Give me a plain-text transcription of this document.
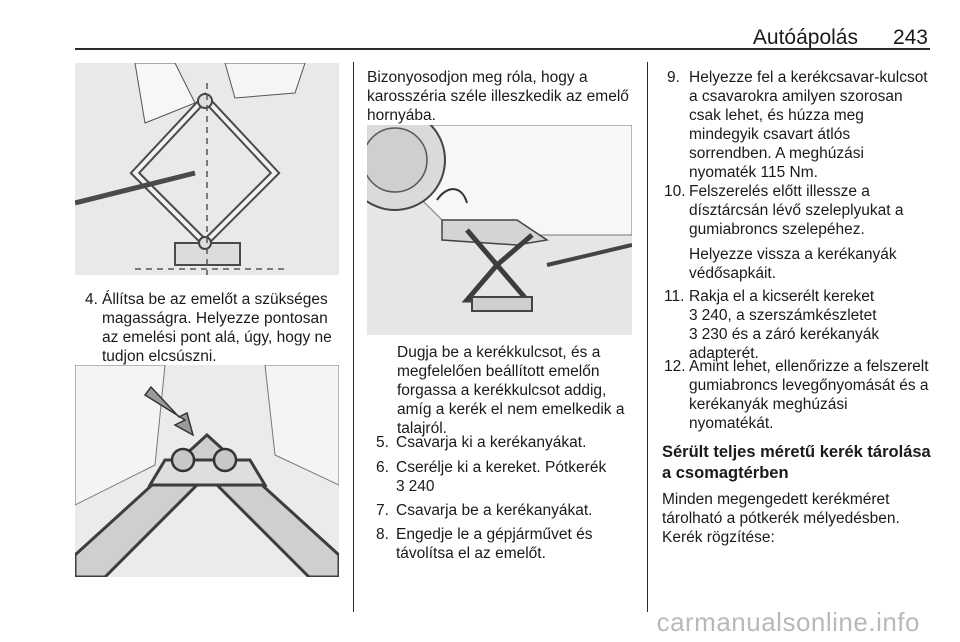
Autóápolás 243
4. Állítsa be az emelőt a szükséges magasságra. Helyezze pontosan az emelési pont alá, úgy, hogy ne tudjon elcsúszni.
Bizonyosodjon meg róla, hogy a karosszéria széle illeszkedik az emelő hornyába.
Dugja be a kerékkulcsot, és a megfelelően beállított emelőn forgassa a kerékkulcsot addig, amíg a kerék el nem emelkedik a talajról.
5. Csavarja ki a kerékanyákat.
6. Cserélje ki a kereket. Pótkerék
3 240
7. Csavarja be a kerékanyákat.
8. Engedje le a gépjárművet és távolítsa el az emelőt.
9. Helyezze fel a kerékcsavar-kulcsot a csavarokra amilyen szorosan csak lehet, és húzza meg mindegyik csavart átlós sorrendben. A meghúzási nyomaték 115 Nm.
10. Felszerelés előtt illessze a dísztárcsán lévő szeleplyukat a gumiabroncs szelepéhez.
Helyezze vissza a kerékanyák védősapkáit.
11. Rakja el a kicserélt kereket
3 240, a szerszámkészletet
3 230 és a záró kerékanyák
adapterét.
12. Amint lehet, ellenőrizze a felszerelt gumiabroncs levegőnyomását és a kerékanyák meghúzási nyomatékát.
Sérült teljes méretű kerék tárolása a csomagtérben
Minden megengedett kerékméret tárolható a pótkerék mélyedésben. Kerék rögzítése:
carmanualsonline.info
